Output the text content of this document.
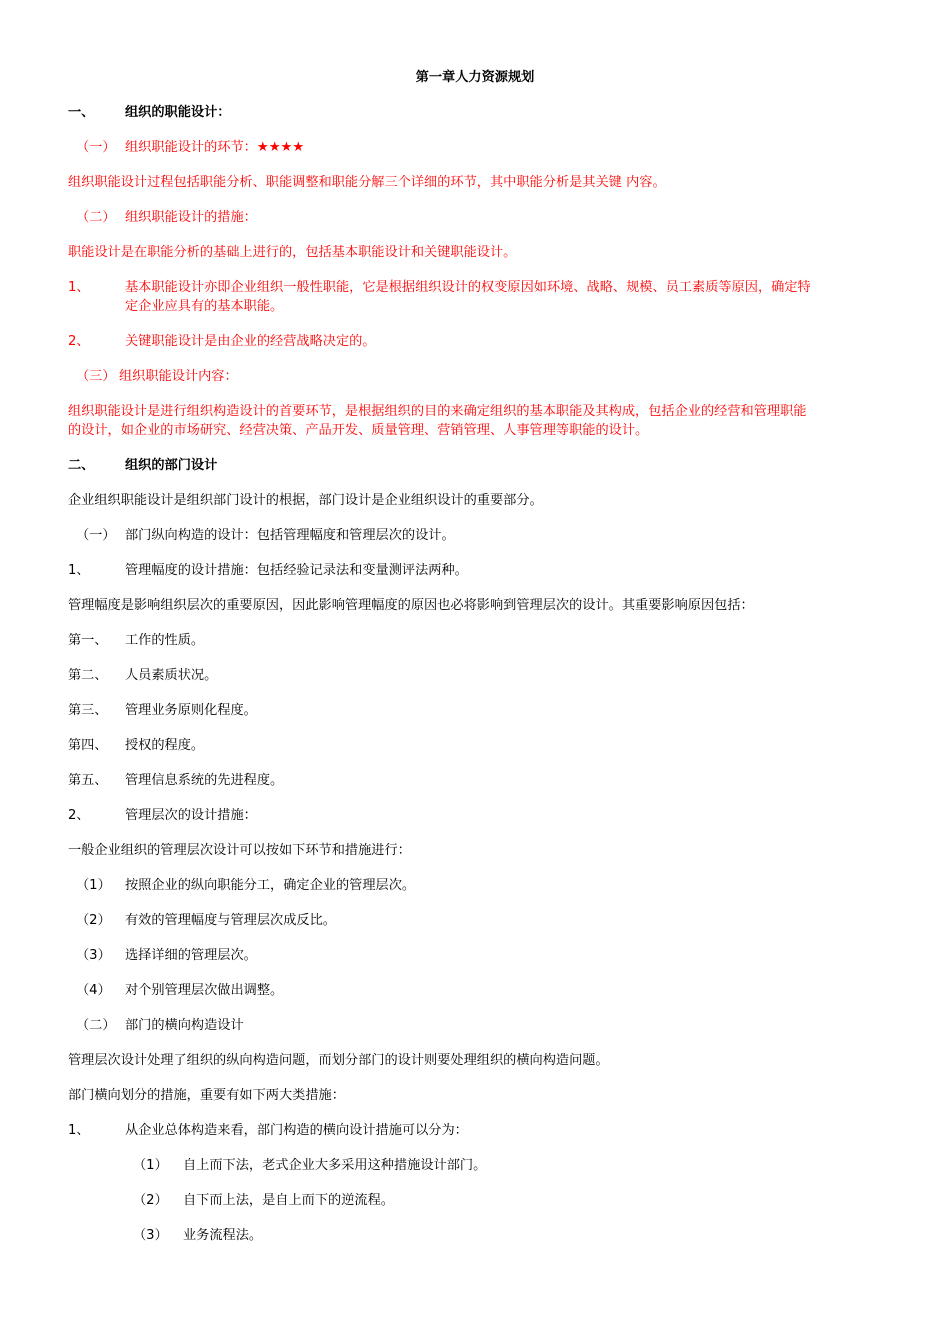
第一章人力资源规划
一、 组织的职能设计：
（一） 组织职能设计的环节：★★★★
组织职能设计过程包括职能分析、职能调整和职能分解三个详细的环节，其中职能分析是其关键 内容。
（二） 组织职能设计的措施：
职能设计是在职能分析的基础上进行的，包括基本职能设计和关键职能设计。
1、	基本职能设计亦即企业组织一般性职能，它是根据组织设计的权变原因如环境、战略、规模、员工素质等原因，确定特
定企业应具有的基本职能。
2、	关键职能设计是由企业的经营战略决定的。
（三） 组织职能设计内容：
组织职能设计是进行组织构造设计的首要环节，是根据组织的目的来确定组织的基本职能及其构成，包括企业的经营和管理职能
的设计，如企业的市场研究、经营决策、产品开发、质量管理、营销管理、人事管理等职能的设计。
二、 组织的部门设计
企业组织职能设计是组织部门设计的根据，部门设计是企业组织设计的重要部分。
（一） 部门纵向构造的设计：包括管理幅度和管理层次的设计。
1、	管理幅度的设计措施：包括经验记录法和变量测评法两种。
管理幅度是影响组织层次的重要原因，因此影响管理幅度的原因也必将影响到管理层次的设计。其重要影响原因包括：
第一、 工作的性质。
第二、 人员素质状况。
第三、 管理业务原则化程度。
第四、 授权的程度。
第五、 管理信息系统的先进程度。
2、	管理层次的设计措施：
一般企业组织的管理层次设计可以按如下环节和措施进行：
（1） 按照企业的纵向职能分工，确定企业的管理层次。
（2） 有效的管理幅度与管理层次成反比。
（3） 选择详细的管理层次。
（4） 对个别管理层次做出调整。
（二） 部门的横向构造设计
管理层次设计处理了组织的纵向构造问题，而划分部门的设计则要处理组织的横向构造问题。
部门横向划分的措施，重要有如下两大类措施：
1、	从企业总体构造来看，部门构造的横向设计措施可以分为：
（1） 自上而下法，老式企业大多采用这种措施设计部门。
（2） 自下而上法，是自上而下的逆流程。
（3） 业务流程法。
